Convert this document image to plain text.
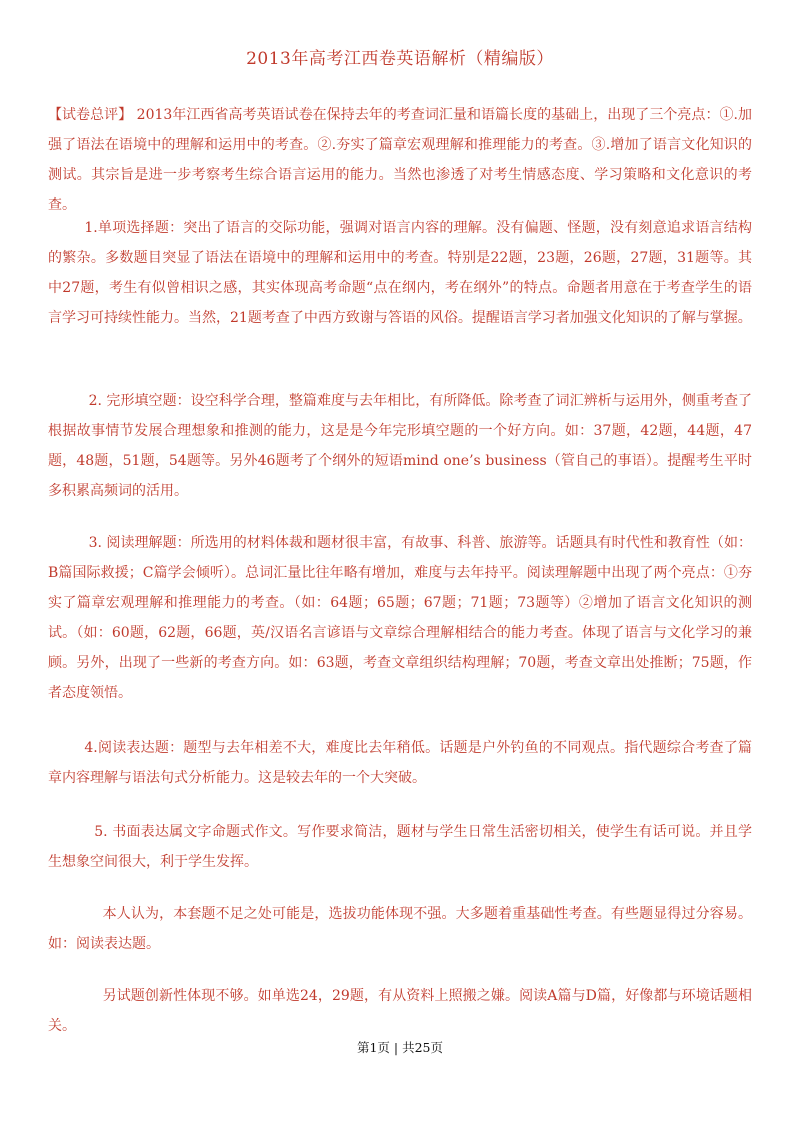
2013年高考江西卷英语解析（精编版）

【试卷总评】 2013年江西省高考英语试卷在保持去年的考查词汇量和语篇长度的基础上，出现了三个亮点：①.加强了语法在语境中的理解和运用中的考查。②.夯实了篇章宏观理解和推理能力的考查。③.增加了语言文化知识的测试。其宗旨是进一步考察考生综合语言运用的能力。当然也渗透了对考生情感态度、学习策略和文化意识的考查。

1.单项选择题：突出了语言的交际功能，强调对语言内容的理解。没有偏题、怪题，没有刻意追求语言结构的繁杂。多数题目突显了语法在语境中的理解和运用中的考查。特别是22题，23题，26题，27题，31题等。其中27题，考生有似曾相识之感，其实体现高考命题“点在纲内，考在纲外”的特点。命题者用意在于考查学生的语言学习可持续性能力。当然，21题考查了中西方致谢与答语的风俗。提醒语言学习者加强文化知识的了解与掌握。

2. 完形填空题：设空科学合理，整篇难度与去年相比，有所降低。除考查了词汇辨析与运用外，侧重考查了根据故事情节发展合理想象和推测的能力，这是是今年完形填空题的一个好方向。如：37题，42题，44题，47题，48题，51题，54题等。另外46题考了个纲外的短语mind one’s business（管自己的事语）。提醒考生平时多积累高频词的活用。

3. 阅读理解题：所选用的材料体裁和题材很丰富，有故事、科普、旅游等。话题具有时代性和教育性（如：B篇国际救援；C篇学会倾听）。总词汇量比往年略有增加，难度与去年持平。阅读理解题中出现了两个亮点：①夯实了篇章宏观理解和推理能力的考查。（如：64题；65题；67题；71题；73题等）②增加了语言文化知识的测试。（如：60题，62题，66题，英/汉语名言谚语与文章综合理解相结合的能力考查。体现了语言与文化学习的兼顾。另外，出现了一些新的考查方向。如：63题，考查文章组织结构理解；70题，考查文章出处推断；75题，作者态度领悟。

4.阅读表达题：题型与去年相差不大，难度比去年稍低。话题是户外钓鱼的不同观点。指代题综合考查了篇章内容理解与语法句式分析能力。这是较去年的一个大突破。

5. 书面表达属文字命题式作文。写作要求简洁，题材与学生日常生活密切相关，使学生有话可说。并且学生想象空间很大，利于学生发挥。

本人认为，本套题不足之处可能是，选拔功能体现不强。大多题着重基础性考查。有些题显得过分容易。如：阅读表达题。

另试题创新性体现不够。如单选24，29题，有从资料上照搬之嫌。阅读A篇与D篇，好像都与环境话题相关。

第1页 | 共25页
